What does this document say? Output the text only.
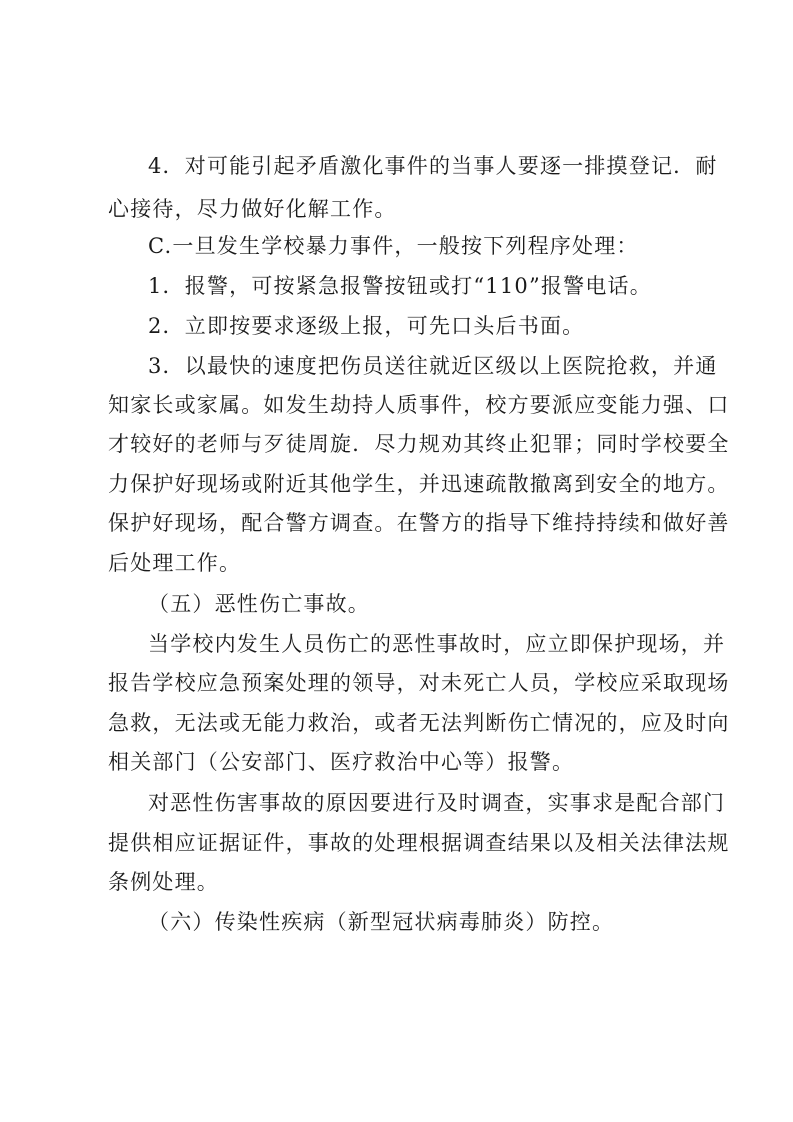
4．对可能引起矛盾激化事件的当事人要逐一排摸登记．耐
心接待，尽力做好化解工作。
C.一旦发生学校暴力事件，一般按下列程序处理：
1．报警，可按紧急报警按钮或打“110”报警电话。
2．立即按要求逐级上报，可先口头后书面。
3．以最快的速度把伤员送往就近区级以上医院抢救，并通
知家长或家属。如发生劫持人质事件，校方要派应变能力强、口
才较好的老师与歹徒周旋．尽力规劝其终止犯罪；同时学校要全
力保护好现场或附近其他学生，并迅速疏散撤离到安全的地方。
保护好现场，配合警方调查。在警方的指导下维持持续和做好善
后处理工作。
（五）恶性伤亡事故。
当学校内发生人员伤亡的恶性事故时，应立即保护现场，并
报告学校应急预案处理的领导，对未死亡人员，学校应采取现场
急救，无法或无能力救治，或者无法判断伤亡情况的，应及时向
相关部门（公安部门、医疗救治中心等）报警。
对恶性伤害事故的原因要进行及时调查，实事求是配合部门
提供相应证据证件，事故的处理根据调查结果以及相关法律法规
条例处理。
（六）传染性疾病（新型冠状病毒肺炎）防控。
